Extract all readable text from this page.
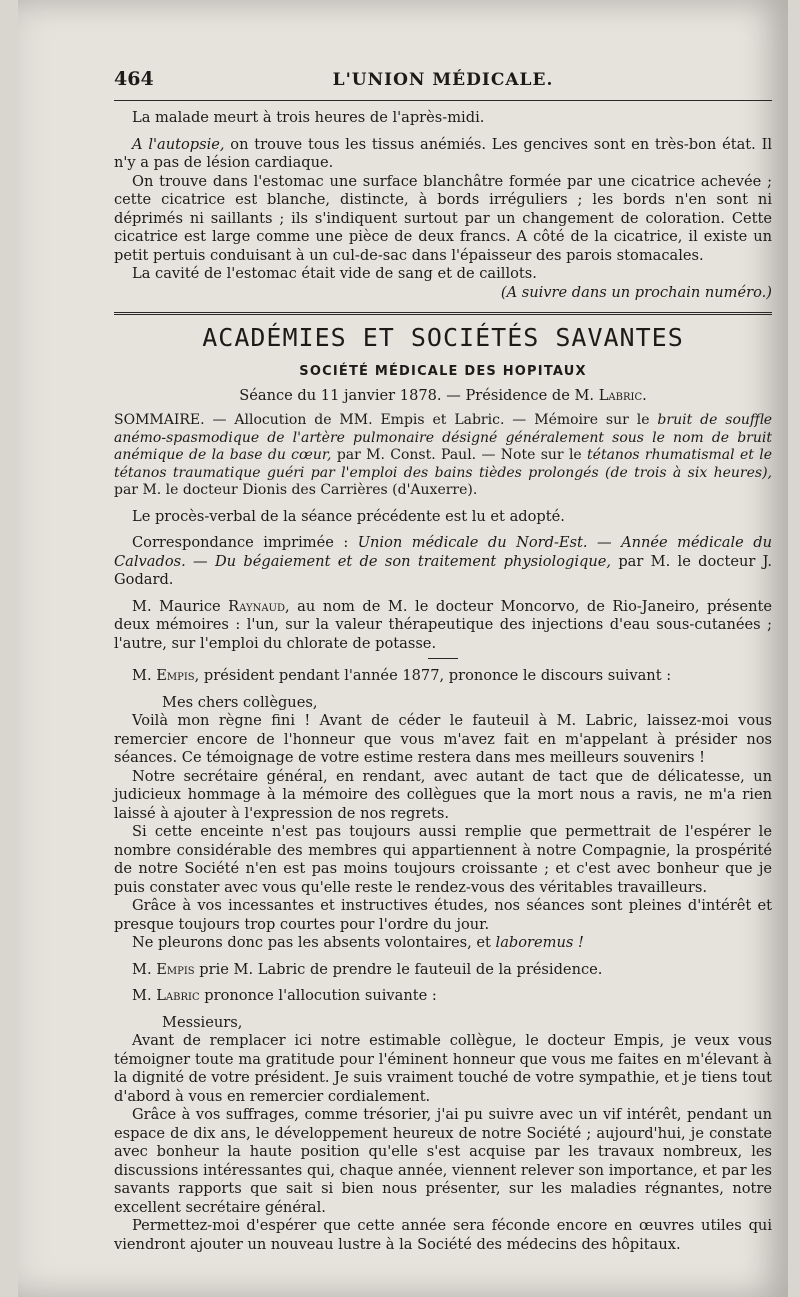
464	L'UNION MÉDICALE.

La malade meurt à trois heures de l'après-midi.

A l'autopsie, on trouve tous les tissus anémiés. Les gencives sont en très-bon état. Il n'y a pas de lésion cardiaque.

On trouve dans l'estomac une surface blanchâtre formée par une cicatrice achevée ; cette cicatrice est blanche, distincte, à bords irréguliers ; les bords n'en sont ni déprimés ni saillants ; ils s'indiquent surtout par un changement de coloration. Cette cicatrice est large comme une pièce de deux francs. A côté de la cicatrice, il existe un petit pertuis conduisant à un cul-de-sac dans l'épaisseur des parois stomacales.

La cavité de l'estomac était vide de sang et de caillots.

(A suivre dans un prochain numéro.)

ACADÉMIES ET SOCIÉTÉS SAVANTES
SOCIÉTÉ MÉDICALE DES HOPITAUX
Séance du 11 janvier 1878. — Présidence de M. Labric.

SOMMAIRE. — Allocution de MM. Empis et Labric. — Mémoire sur le bruit de souffle anémo-spasmodique de l'artère pulmonaire désigné généralement sous le nom de bruit anémique de la base du cœur, par M. Const. Paul. — Note sur le tétanos rhumatismal et le tétanos traumatique guéri par l'emploi des bains tièdes prolongés (de trois à six heures), par M. le docteur Dionis des Carrières (d'Auxerre).

Le procès-verbal de la séance précédente est lu et adopté.

Correspondance imprimée : Union médicale du Nord-Est. — Année médicale du Calvados. — Du bégaiement et de son traitement physiologique, par M. le docteur J. Godard.

M. Maurice Raynaud, au nom de M. le docteur Moncorvo, de Rio-Janeiro, présente deux mémoires : l'un, sur la valeur thérapeutique des injections d'eau sous-cutanées ; l'autre, sur l'emploi du chlorate de potasse.

M. Empis, président pendant l'année 1877, prononce le discours suivant :

Mes chers collègues,

Voilà mon règne fini ! Avant de céder le fauteuil à M. Labric, laissez-moi vous remercier encore de l'honneur que vous m'avez fait en m'appelant à présider nos séances. Ce témoignage de votre estime restera dans mes meilleurs souvenirs !

Notre secrétaire général, en rendant, avec autant de tact que de délicatesse, un judicieux hommage à la mémoire des collègues que la mort nous a ravis, ne m'a rien laissé à ajouter à l'expression de nos regrets.

Si cette enceinte n'est pas toujours aussi remplie que permettrait de l'espérer le nombre considérable des membres qui appartiennent à notre Compagnie, la prospérité de notre Société n'en est pas moins toujours croissante ; et c'est avec bonheur que je puis constater avec vous qu'elle reste le rendez-vous des véritables travailleurs.

Grâce à vos incessantes et instructives études, nos séances sont pleines d'intérêt et presque toujours trop courtes pour l'ordre du jour.

Ne pleurons donc pas les absents volontaires, et laboremus !

M. Empis prie M. Labric de prendre le fauteuil de la présidence.

M. Labric prononce l'allocution suivante :

Messieurs,

Avant de remplacer ici notre estimable collègue, le docteur Empis, je veux vous témoigner toute ma gratitude pour l'éminent honneur que vous me faites en m'élevant à la dignité de votre président. Je suis vraiment touché de votre sympathie, et je tiens tout d'abord à vous en remercier cordialement.

Grâce à vos suffrages, comme trésorier, j'ai pu suivre avec un vif intérêt, pendant un espace de dix ans, le développement heureux de notre Société ; aujourd'hui, je constate avec bonheur la haute position qu'elle s'est acquise par les travaux nombreux, les discussions intéressantes qui, chaque année, viennent relever son importance, et par les savants rapports que sait si bien nous présenter, sur les maladies régnantes, notre excellent secrétaire général.

Permettez-moi d'espérer que cette année sera féconde encore en œuvres utiles qui viendront ajouter un nouveau lustre à la Société des médecins des hôpitaux.
